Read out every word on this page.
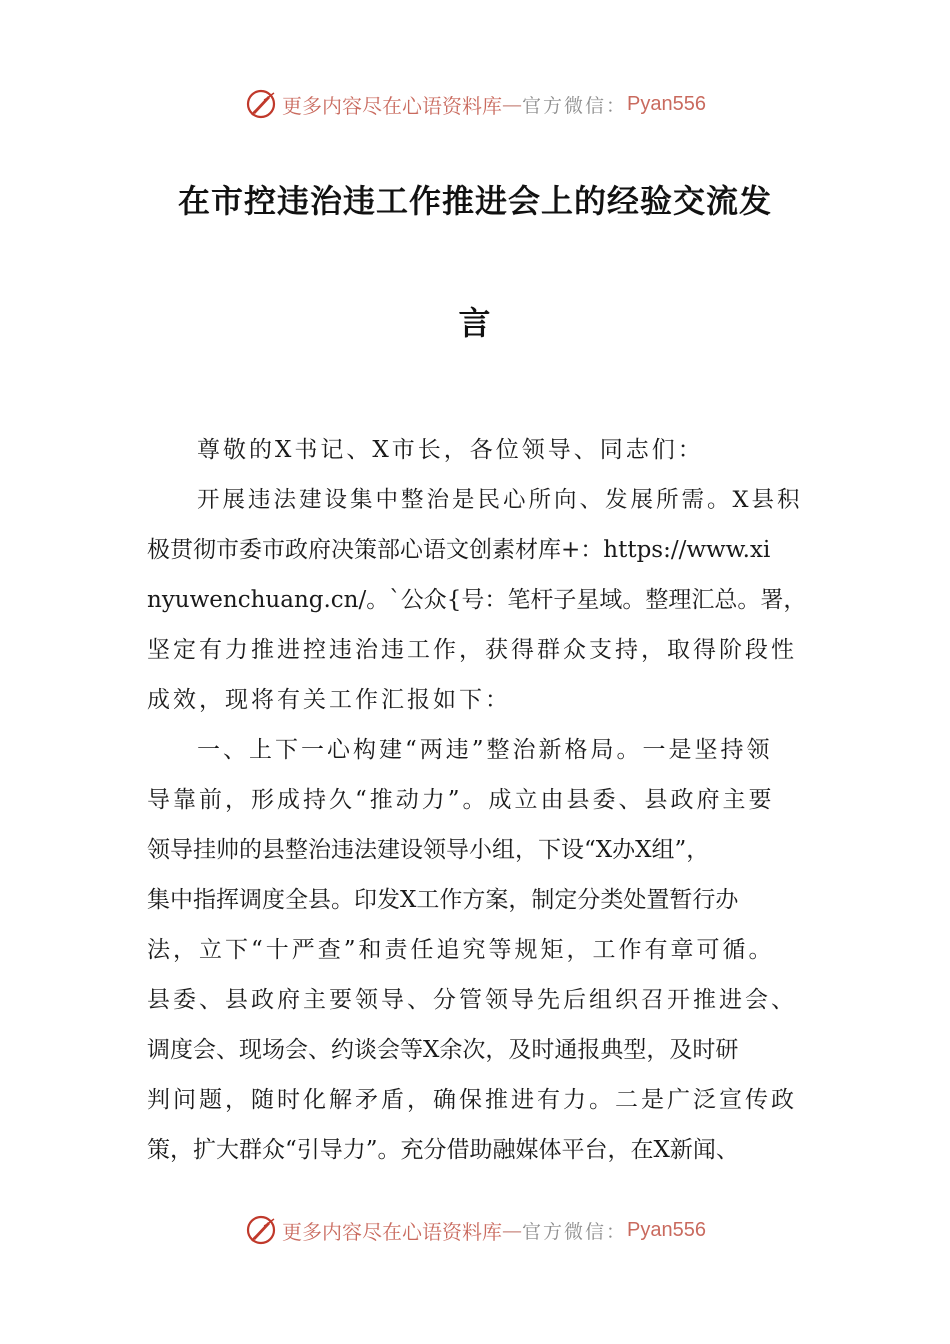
更多内容尽在心语资料库 — 官方微信： Pyan556
在市控违治违工作推进会上的经验交流发
言
尊敬的X书记、X市长，各位领导、同志们：
开展违法建设集中整治是民心所向、发展所需。X县积
极贯彻市委市政府决策部心语文创素材库+：https://www.xi
nyuwenchuang.cn/。`公众{号：笔杆子星域。整理汇总。署，
坚定有力推进控违治违工作，获得群众支持，取得阶段性
成效，现将有关工作汇报如下：
一、上下一心构建“两违”整治新格局。一是坚持领
导靠前，形成持久“推动力”。成立由县委、县政府主要
领导挂帅的县整治违法建设领导小组，下设“X办X组”，
集中指挥调度全县。印发X工作方案，制定分类处置暂行办
法，立下“十严查”和责任追究等规矩，工作有章可循。
县委、县政府主要领导、分管领导先后组织召开推进会、
调度会、现场会、约谈会等X余次，及时通报典型，及时研
判问题，随时化解矛盾，确保推进有力。二是广泛宣传政
策，扩大群众“引导力”。充分借助融媒体平台，在X新闻、
更多内容尽在心语资料库 — 官方微信： Pyan556
